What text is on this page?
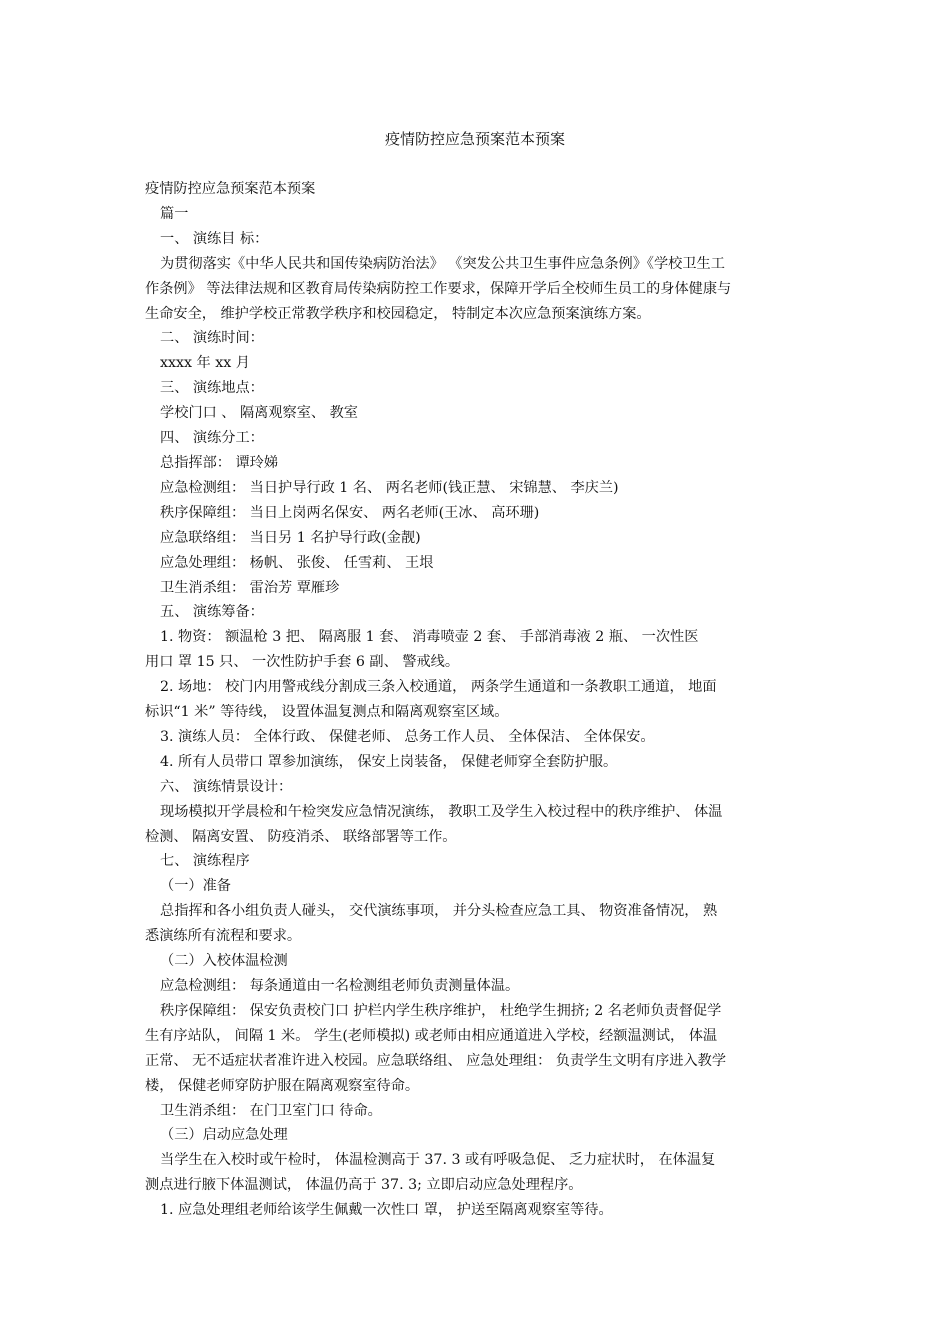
疫情防控应急预案范本预案

疫情防控应急预案范本预案

篇一

一、 演练目 标：

为贯彻落实《中华人民共和国传染病防治法》 《突发公共卫生事件应急条例》《学校卫生工

作条例》 等法律法规和区教育局传染病防控工作要求，保障开学后全校师生员工的身体健康与

生命安全， 维护学校正常教学秩序和校园稳定， 特制定本次应急预案演练方案。

二、 演练时间：

xxxx 年 xx 月

三、 演练地点：

学校门口 、 隔离观察室、 教室

四、 演练分工：

总指挥部： 谭玲娣

应急检测组： 当日护导行政 1 名、 两名老师(钱正慧、 宋锦慧、 李庆兰)

秩序保障组： 当日上岗两名保安、 两名老师(王冰、 高环珊)

应急联络组： 当日另 1 名护导行政(金靓)

应急处理组： 杨帆、 张俊、 任雪莉、 王垠

卫生消杀组： 雷治芳 覃雁珍

五、 演练筹备：

1. 物资： 额温枪 3 把、 隔离服 1 套、 消毒喷壶 2 套、 手部消毒液 2 瓶、 一次性医

用口 罩 15 只、 一次性防护手套 6 副、 警戒线。

2. 场地： 校门内用警戒线分割成三条入校通道， 两条学生通道和一条教职工通道， 地面

标识“1 米” 等待线， 设置体温复测点和隔离观察室区域。

3. 演练人员： 全体行政、 保健老师、 总务工作人员、 全体保洁、 全体保安。

4. 所有人员带口 罩参加演练， 保安上岗装备， 保健老师穿全套防护服。

六、 演练情景设计：

现场模拟开学晨检和午检突发应急情况演练， 教职工及学生入校过程中的秩序维护、 体温

检测、 隔离安置、 防疫消杀、 联络部署等工作。

七、 演练程序

（一）准备

总指挥和各小组负责人碰头， 交代演练事项， 并分头检查应急工具、 物资准备情况， 熟

悉演练所有流程和要求。

（二）入校体温检测

应急检测组： 每条通道由一名检测组老师负责测量体温。

秩序保障组： 保安负责校门口 护栏内学生秩序维护， 杜绝学生拥挤; 2 名老师负责督促学

生有序站队， 间隔 1 米。 学生(老师模拟) 或老师由相应通道进入学校，经额温测试， 体温

正常、 无不适症状者准许进入校园。应急联络组、 应急处理组： 负责学生文明有序进入教学

楼， 保健老师穿防护服在隔离观察室待命。

卫生消杀组： 在门卫室门口 待命。

（三）启动应急处理

当学生在入校时或午检时， 体温检测高于 37. 3 或有呼吸急促、 乏力症状时， 在体温复

测点进行腋下体温测试， 体温仍高于 37. 3; 立即启动应急处理程序。

1. 应急处理组老师给该学生佩戴一次性口 罩， 护送至隔离观察室等待。
